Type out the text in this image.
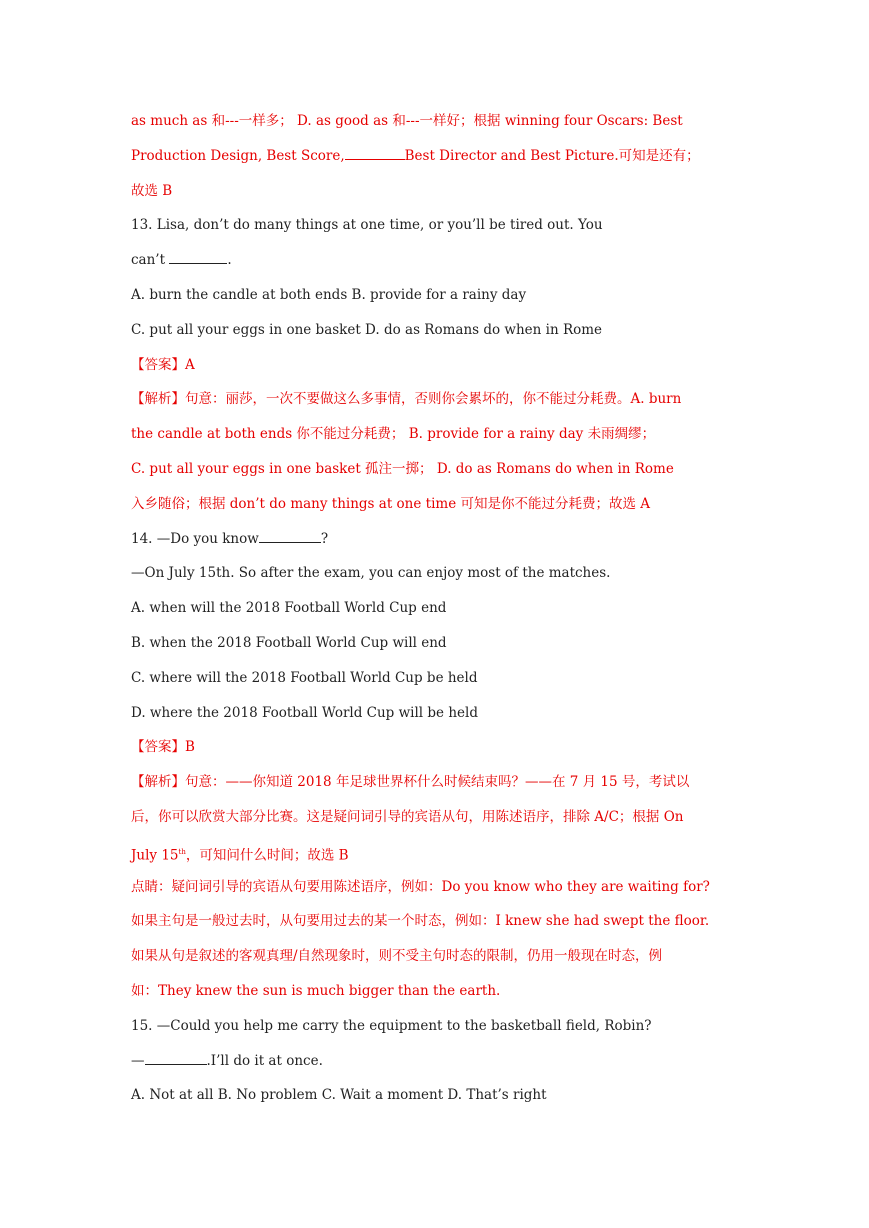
as much as 和---一样多； D. as good as 和---一样好；根据 winning four Oscars: Best
Production Design, Best Score,	Best Director and Best Picture.可知是还有；
故选 B
13. Lisa, don’t do many things at one time, or you’ll be tired out. You
can’t	.
A. burn the candle at both ends B. provide for a rainy day
C. put all your eggs in one basket D. do as Romans do when in Rome
【答案】A
【解析】句意：丽莎，一次不要做这么多事情，否则你会累坏的，你不能过分耗费。A. burn
the candle at both ends 你不能过分耗费； B. provide for a rainy day 未雨绸缪；
C. put all your eggs in one basket 孤注一掷； D. do as Romans do when in Rome
入乡随俗；根据 don’t do many things at one time 可知是你不能过分耗费；故选 A
14. —Do you know	?
—On July 15th. So after the exam, you can enjoy most of the matches.
A. when will the 2018 Football World Cup end
B. when the 2018 Football World Cup will end
C. where will the 2018 Football World Cup be held
D. where the 2018 Football World Cup will be held
【答案】B
【解析】句意：——你知道 2018 年足球世界杯什么时候结束吗？——在 7 月 15 号，考试以
后，你可以欣赏大部分比赛。这是疑问词引导的宾语从句，用陈述语序，排除 A/C；根据 On
July 15th，可知问什么时间；故选 B
点睛：疑问词引导的宾语从句要用陈述语序，例如：Do you know who they are waiting for?
如果主句是一般过去时，从句要用过去的某一个时态，例如：I knew she had swept the floor.
如果从句是叙述的客观真理/自然现象时，则不受主句时态的限制，仍用一般现在时态，例
如：They knew the sun is much bigger than the earth.
15. —Could you help me carry the equipment to the basketball field, Robin?
—	.I’ll do it at once.
A. Not at all B. No problem C. Wait a moment D. That’s right
